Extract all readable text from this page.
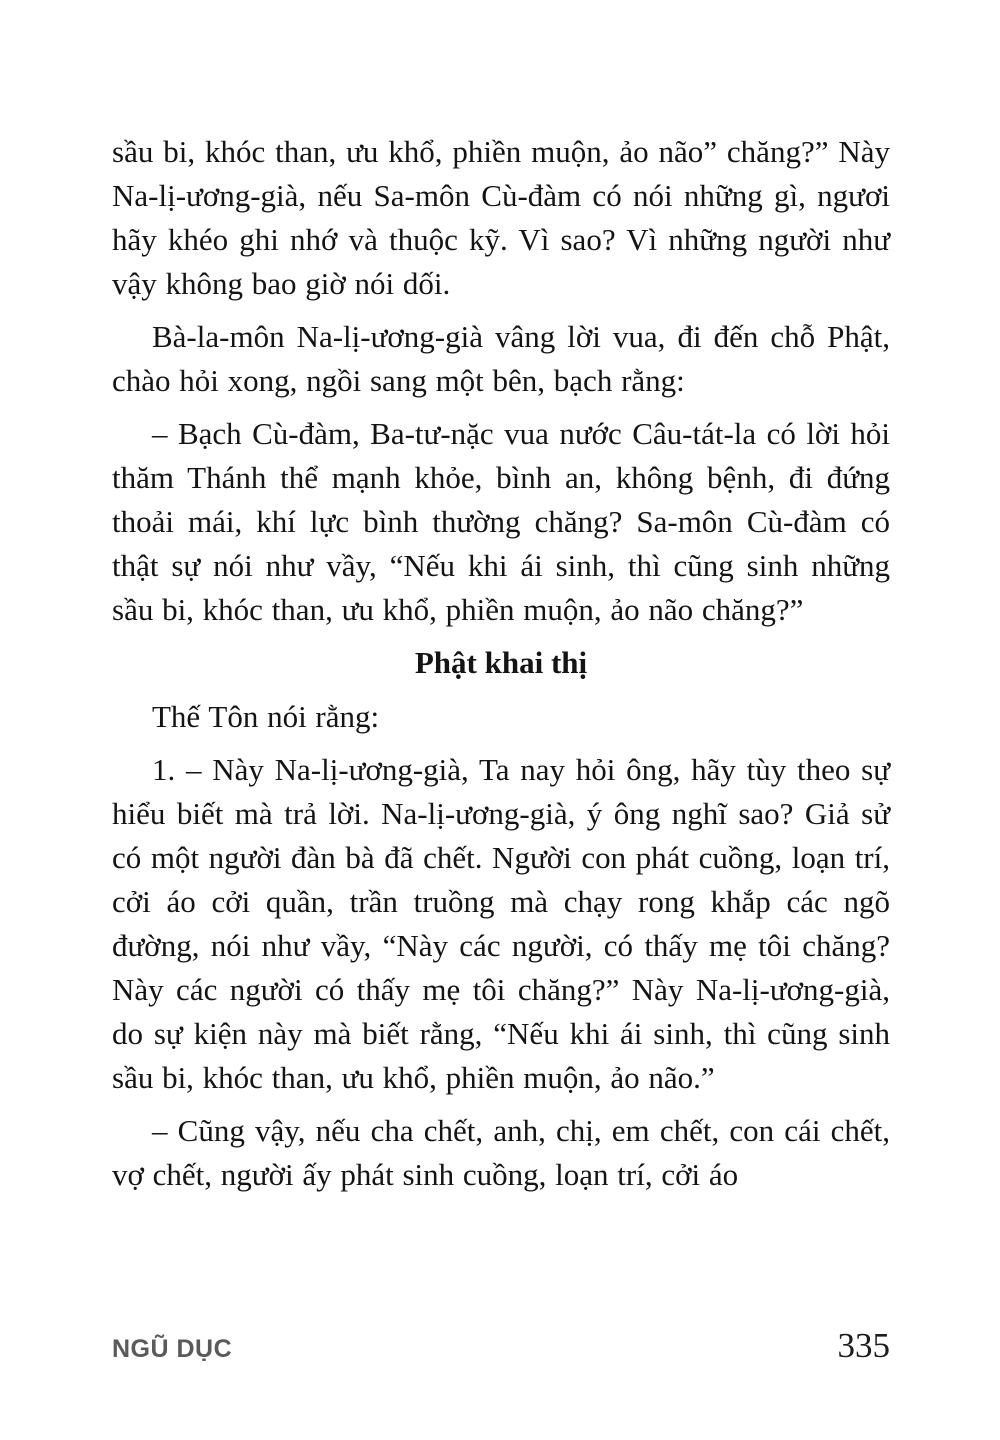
sầu bi, khóc than, ưu khổ, phiền muộn, ảo não” chăng?” Này Na-lị-ương-già, nếu Sa-môn Cù-đàm có nói những gì, ngươi hãy khéo ghi nhớ và thuộc kỹ. Vì sao? Vì những người như vậy không bao giờ nói dối.

Bà-la-môn Na-lị-ương-già vâng lời vua, đi đến chỗ Phật, chào hỏi xong, ngồi sang một bên, bạch rằng:

– Bạch Cù-đàm, Ba-tư-nặc vua nước Câu-tát-la có lời hỏi thăm Thánh thể mạnh khỏe, bình an, không bệnh, đi đứng thoải mái, khí lực bình thường chăng? Sa-môn Cù-đàm có thật sự nói như vầy, “Nếu khi ái sinh, thì cũng sinh những sầu bi, khóc than, ưu khổ, phiền muộn, ảo não chăng?”

Phật khai thị

Thế Tôn nói rằng:

1. – Này Na-lị-ương-già, Ta nay hỏi ông, hãy tùy theo sự hiểu biết mà trả lời. Na-lị-ương-già, ý ông nghĩ sao? Giả sử có một người đàn bà đã chết. Người con phát cuồng, loạn trí, cởi áo cởi quần, trần truồng mà chạy rong khắp các ngõ đường, nói như vầy, “Này các người, có thấy mẹ tôi chăng? Này các người có thấy mẹ tôi chăng?” Này Na-lị-ương-già, do sự kiện này mà biết rằng, “Nếu khi ái sinh, thì cũng sinh sầu bi, khóc than, ưu khổ, phiền muộn, ảo não.”

– Cũng vậy, nếu cha chết, anh, chị, em chết, con cái chết, vợ chết, người ấy phát sinh cuồng, loạn trí, cởi áo

NGŨ DỤC	335
